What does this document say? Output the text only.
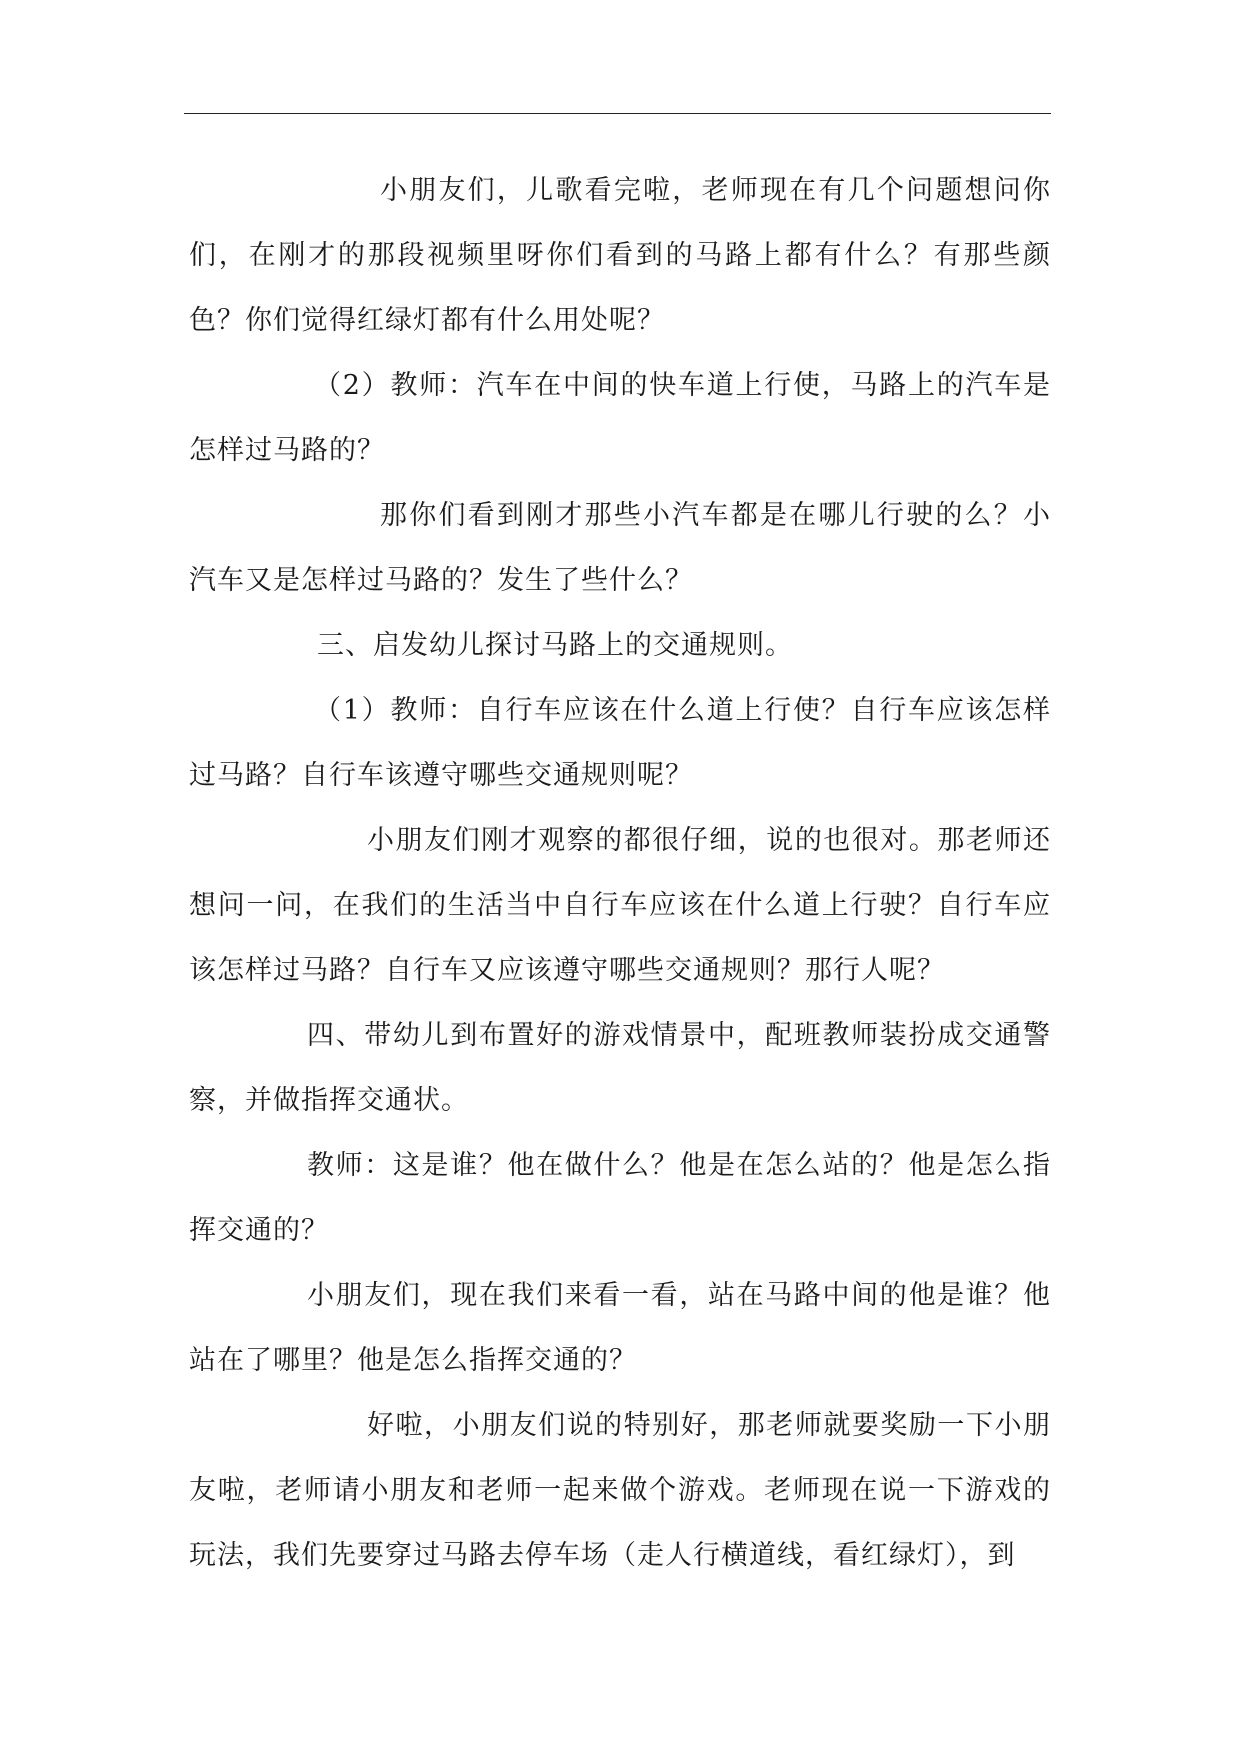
小朋友们，儿歌看完啦，老师现在有几个问题想问你们，在刚才的那段视频里呀你们看到的马路上都有什么？有那些颜色？你们觉得红绿灯都有什么用处呢？

（2）教师：汽车在中间的快车道上行使，马路上的汽车是怎样过马路的？

那你们看到刚才那些小汽车都是在哪儿行驶的么？小汽车又是怎样过马路的？发生了些什么？

三、启发幼儿探讨马路上的交通规则。

（1）教师：自行车应该在什么道上行使？自行车应该怎样过马路？自行车该遵守哪些交通规则呢？

小朋友们刚才观察的都很仔细，说的也很对。那老师还想问一问，在我们的生活当中自行车应该在什么道上行驶？自行车应该怎样过马路？自行车又应该遵守哪些交通规则？那行人呢？

四、带幼儿到布置好的游戏情景中，配班教师装扮成交通警察，并做指挥交通状。

教师：这是谁？他在做什么？他是在怎么站的？他是怎么指挥交通的？

小朋友们，现在我们来看一看，站在马路中间的他是谁？他站在了哪里？他是怎么指挥交通的？

好啦，小朋友们说的特别好，那老师就要奖励一下小朋友啦，老师请小朋友和老师一起来做个游戏。老师现在说一下游戏的玩法，我们先要穿过马路去停车场（走人行横道线，看红绿灯），到
